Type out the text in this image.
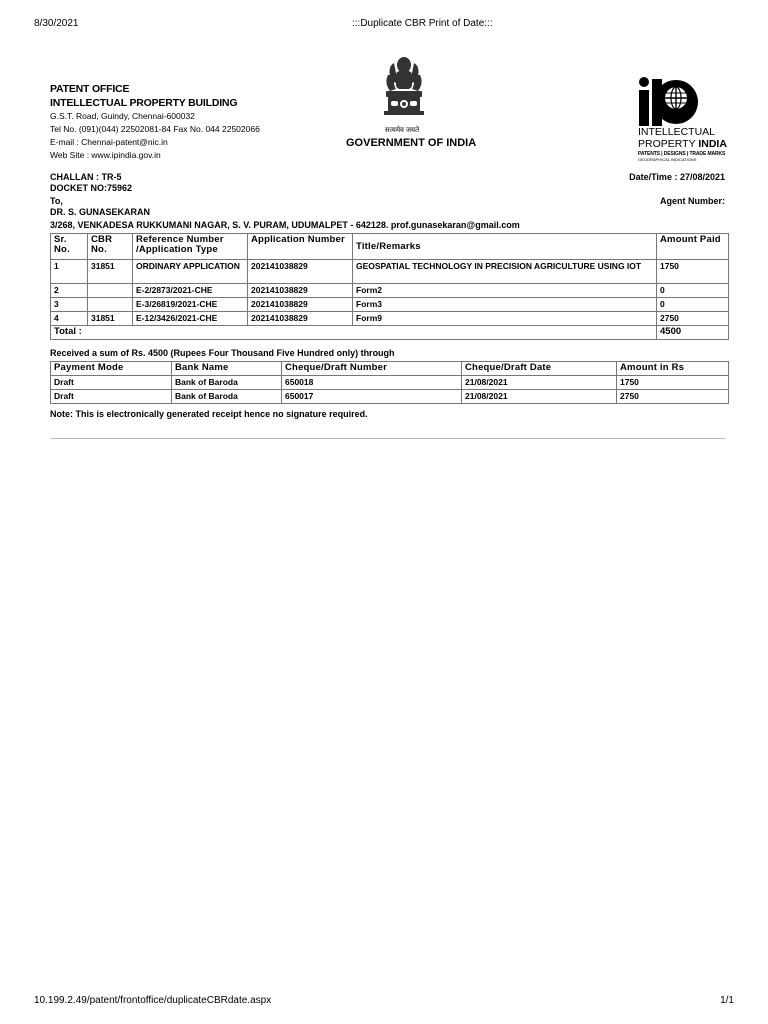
8/30/2021	:::Duplicate CBR Print of Date:::
PATENT OFFICE
INTELLECTUAL PROPERTY BUILDING
G.S.T. Road, Guindy, Chennai-600032
Tel No. (091)(044) 22502081-84 Fax No. 044 22502066
E-mail : Chennai-patent@nic.in
Web Site : www.ipindia.gov.in
सत्यमेव जयते
GOVERNMENT OF INDIA
INTELLECTUAL
PROPERTY INDIA
PATENTS | DESIGNS | TRADE MARKS
GEOGRAPHICAL INDICATIONS
CHALLAN : TR-5
DOCKET NO:75962
Date/Time : 27/08/2021
To,	Agent Number:
DR. S. GUNASEKARAN
3/268, VENKADESA RUKKUMANI NAGAR, S. V. PURAM, UDUMALPET - 642128. prof.gunasekaran@gmail.com
Sr. No.	CBR No.	Reference Number /Application Type	Application Number	Title/Remarks	Amount Paid
1	31851	ORDINARY APPLICATION	202141038829	GEOSPATIAL TECHNOLOGY IN PRECISION AGRICULTURE USING IOT	1750
2		E-2/2873/2021-CHE	202141038829	Form2	0
3		E-3/26819/2021-CHE	202141038829	Form3	0
4	31851	E-12/3426/2021-CHE	202141038829	Form9	2750
Total :					4500
Received a sum of Rs. 4500 (Rupees Four Thousand Five Hundred only) through
Payment Mode	Bank Name	Cheque/Draft Number	Cheque/Draft Date	Amount in Rs
Draft	Bank of Baroda	650018	21/08/2021	1750
Draft	Bank of Baroda	650017	21/08/2021	2750
Note: This is electronically generated receipt hence no signature required.
10.199.2.49/patent/frontoffice/duplicateCBRdate.aspx	1/1
